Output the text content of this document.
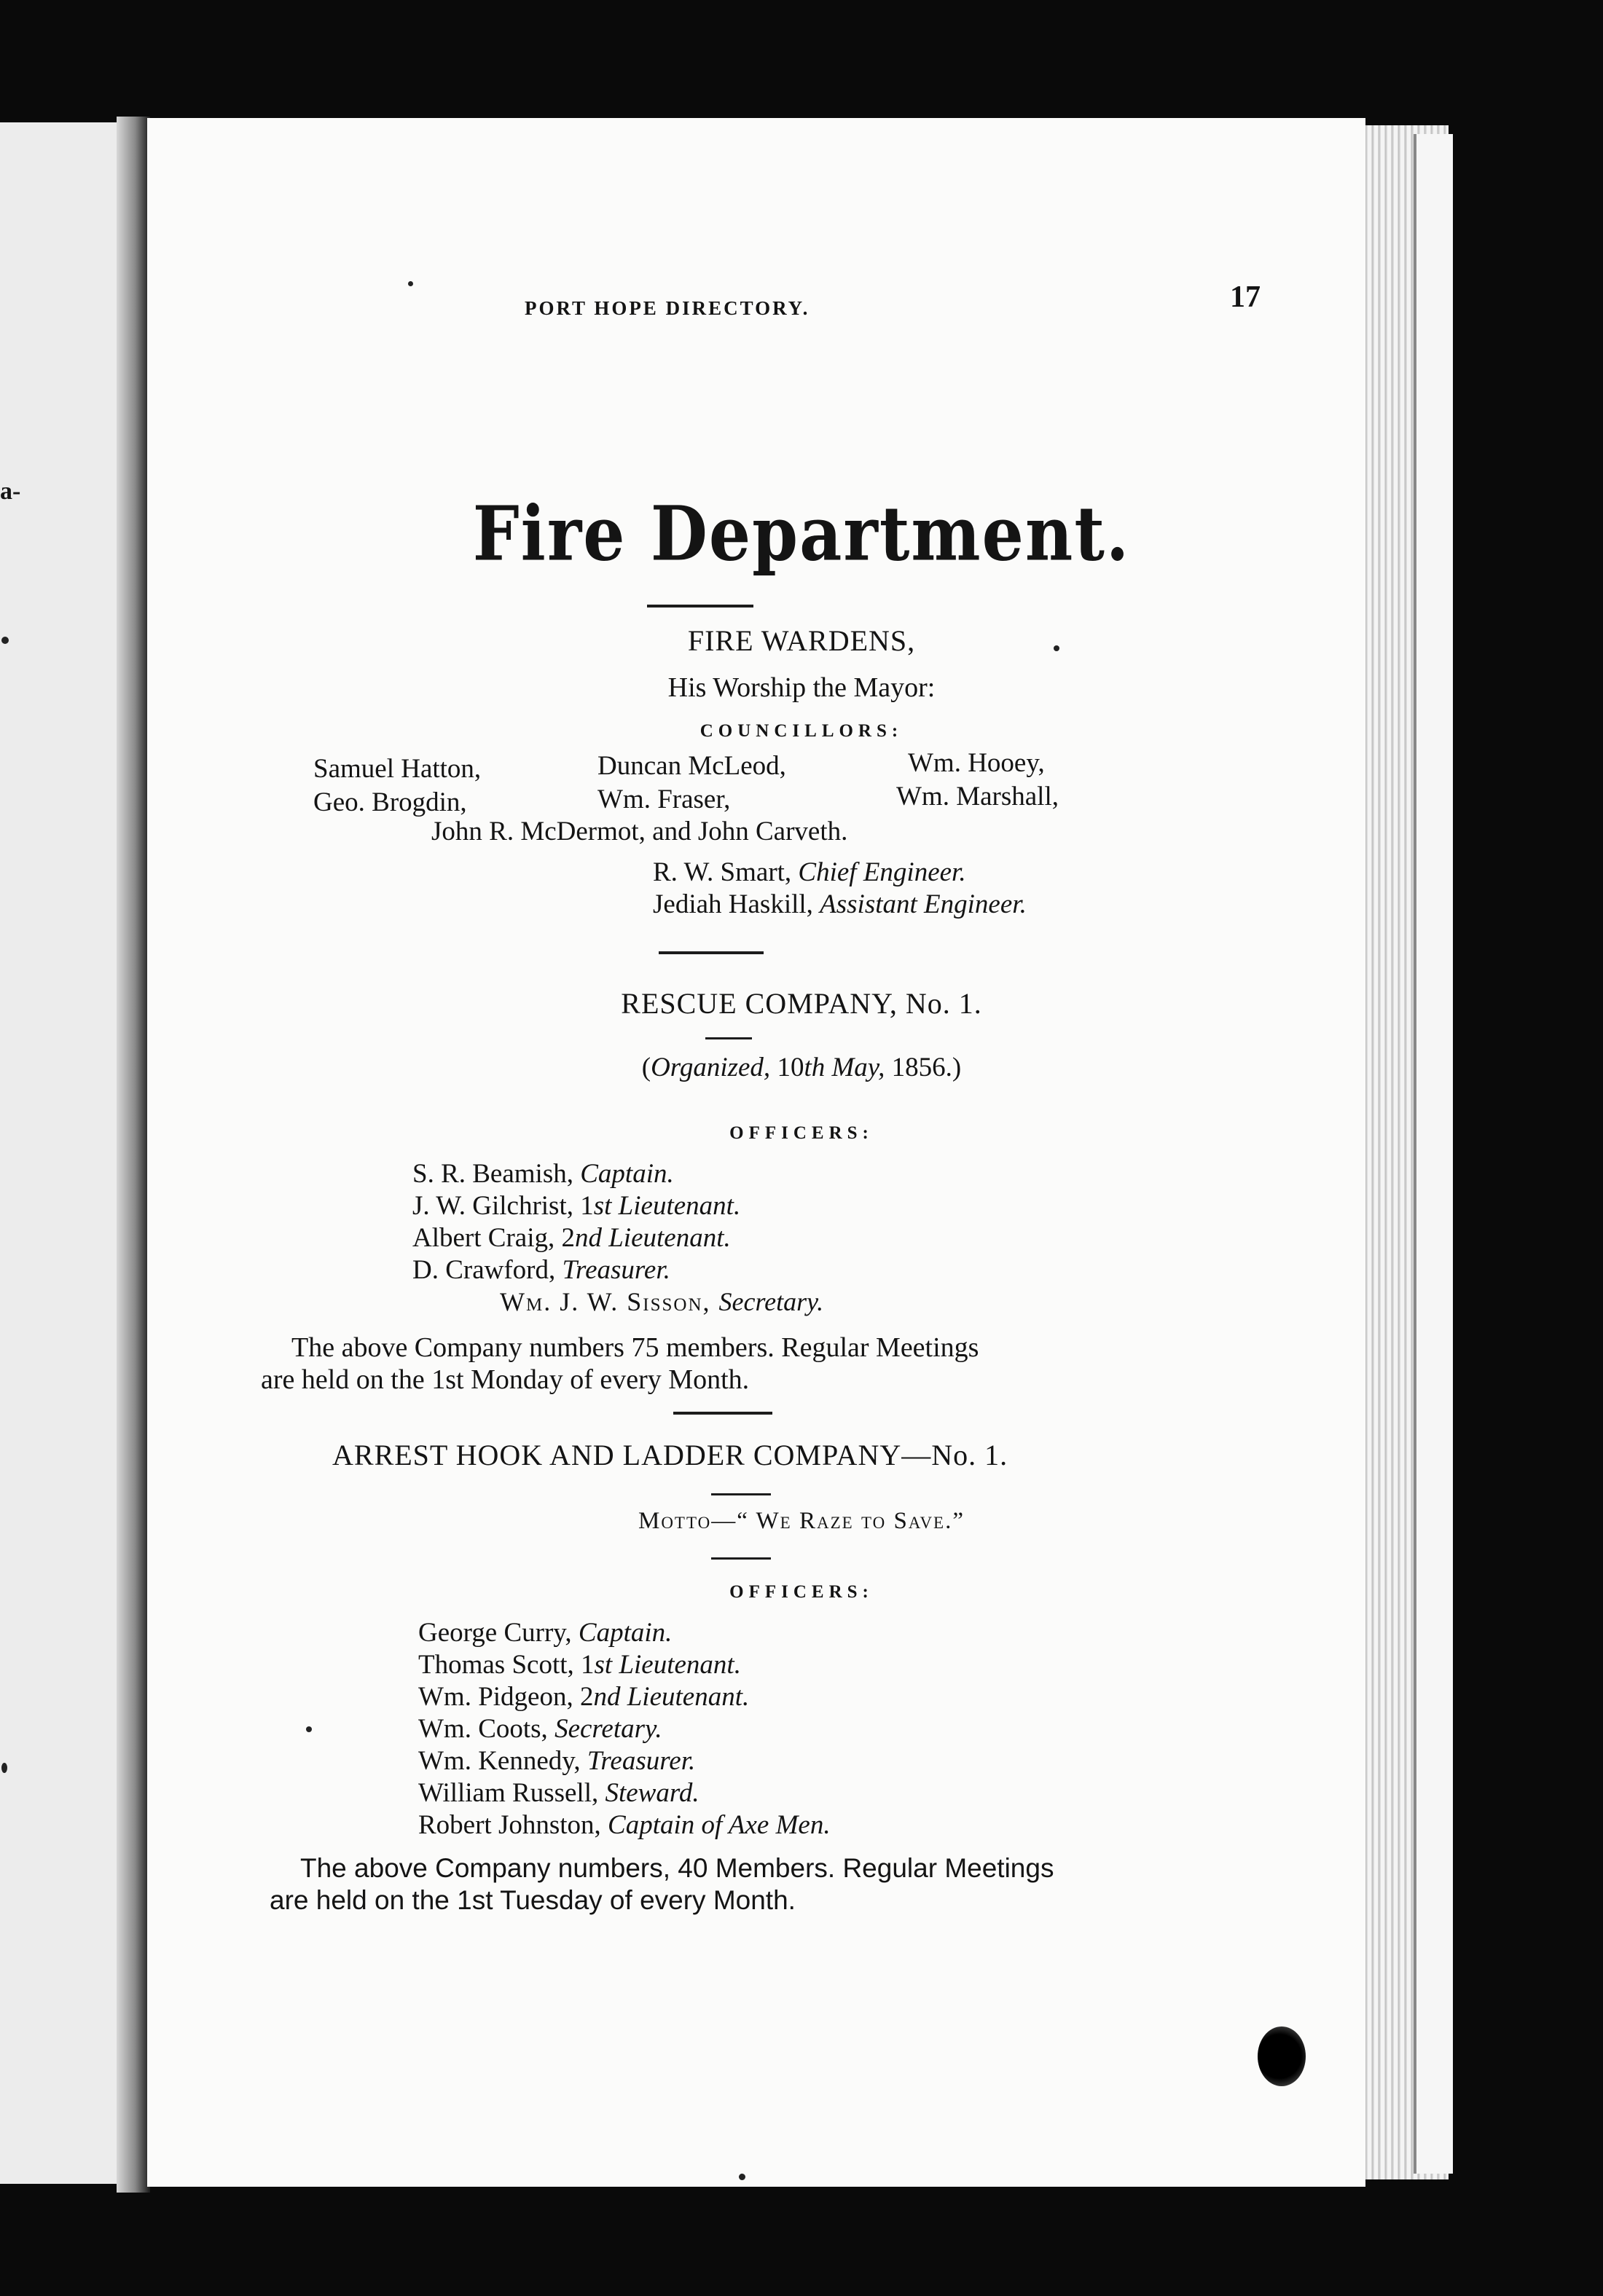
a-
PORT HOPE DIRECTORY.	17
Fire Department.
FIRE WARDENS,
His Worship the Mayor:
COUNCILLORS:
Samuel Hatton,	Duncan McLeod,	Wm. Hooey,
Geo. Brogdin,	Wm. Fraser,	Wm. Marshall,
John R. McDermot, and John Carveth.
R. W. Smart, Chief Engineer.
Jediah Haskill, Assistant Engineer.
RESCUE COMPANY, No. 1.
(Organized, 10th May, 1856.)
OFFICERS:
S. R. Beamish, Captain.
J. W. Gilchrist, 1st Lieutenant.
Albert Craig, 2nd Lieutenant.
D. Crawford, Treasurer.
Wm. J. W. Sisson, Secretary.
The above Company numbers 75 members. Regular Meetings
are held on the 1st Monday of every Month.
ARREST HOOK AND LADDER COMPANY—No. 1.
Motto—“ We Raze to Save.”
OFFICERS:
George Curry, Captain.
Thomas Scott, 1st Lieutenant.
Wm. Pidgeon, 2nd Lieutenant.
Wm. Coots, Secretary.
Wm. Kennedy, Treasurer.
William Russell, Steward.
Robert Johnston, Captain of Axe Men.
The above Company numbers, 40 Members. Regular Meetings
are held on the 1st Tuesday of every Month.
